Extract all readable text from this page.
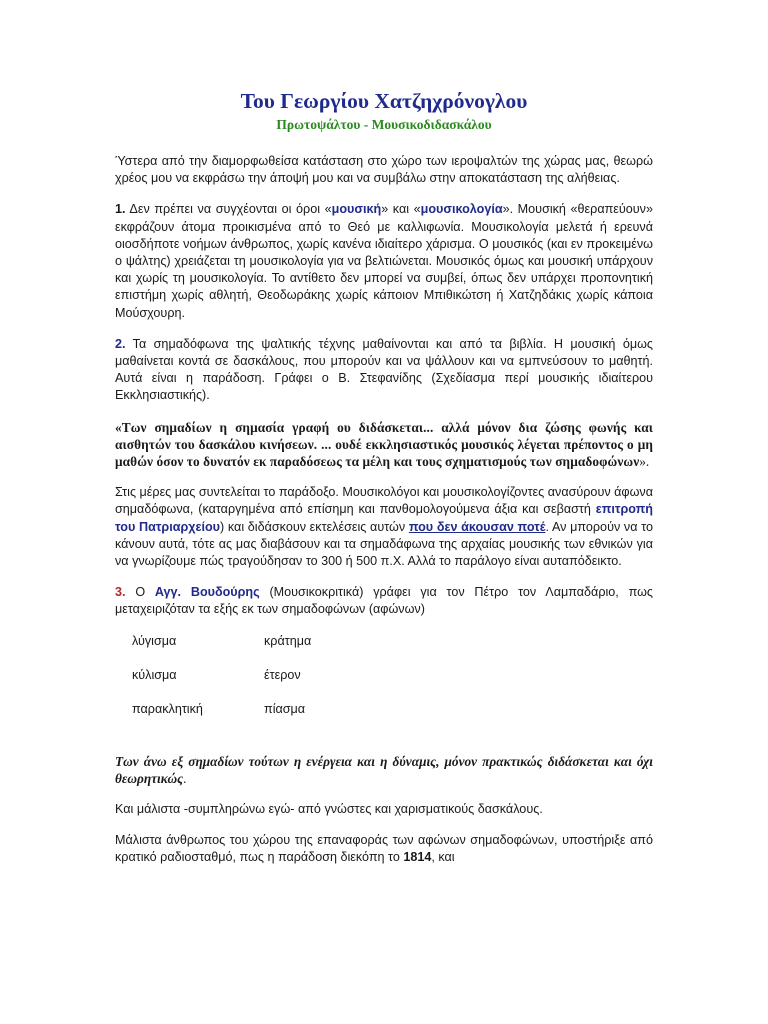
Του Γεωργίου Χατζηχρόνογλου
Πρωτοψάλτου - Μουσικοδιδασκάλου

Ύστερα από την διαμορφωθείσα κατάσταση στο χώρο των ιεροψαλτών της χώρας μας, θεωρώ χρέος μου να εκφράσω την άποψή μου και να συμβάλω στην αποκατάσταση της αλήθειας.

1. Δεν πρέπει να συγχέονται οι όροι «μουσική» και «μουσικολογία». Μουσική «θεραπεύουν» εκφράζουν άτομα προικισμένα από το Θεό με καλλιφωνία. Μουσικολογία μελετά ή ερευνά οιοσδήποτε νοήμων άνθρωπος, χωρίς κανένα ιδιαίτερο χάρισμα. Ο μουσικός (και εν προκειμένω ο ψάλτης) χρειάζεται τη μουσικολογία για να βελτιώνεται. Μουσικός όμως και μουσική υπάρχουν και χωρίς τη μουσικολογία. Το αντίθετο δεν μπορεί να συμβεί, όπως δεν υπάρχει προπονητική επιστήμη χωρίς αθλητή, Θεοδωράκης χωρίς κάποιον Μπιθικώτση ή Χατζηδάκις χωρίς κάποια Μούσχουρη.

2. Τα σημαδόφωνα της ψαλτικής τέχνης μαθαίνονται και από τα βιβλία. Η μουσική όμως μαθαίνεται κοντά σε δασκάλους, που μπορούν και να ψάλλουν και να εμπνεύσουν το μαθητή. Αυτά είναι η παράδοση. Γράφει ο Β. Στεφανίδης (Σχεδίασμα περί μουσικής ιδιαίτερου Εκκλησιαστικής).

«Των σημαδίων η σημασία γραφή ου διδάσκεται... αλλά μόνον δια ζώσης φωνής και αισθητών του δασκάλου κινήσεων. ... ουδέ εκκλησιαστικός μουσικός λέγεται πρέποντος ο μη μαθών όσον το δυνατόν εκ παραδόσεως τα μέλη και τους σχηματισμούς των σημαδοφώνων».

Στις μέρες μας συντελείται το παράδοξο. Μουσικολόγοι και μουσικολογίζοντες ανασύρουν άφωνα σημαδόφωνα, (καταργημένα από επίσημη και πανθομολογούμενα άξια και σεβαστή επιτροπή του Πατριαρχείου) και διδάσκουν εκτελέσεις αυτών που δεν άκουσαν ποτέ. Αν μπορούν να το κάνουν αυτά, τότε ας μας διαβάσουν και τα σημαδάφωνα της αρχαίας μουσικής των εθνικών για να γνωρίζουμε πώς τραγούδησαν το 300 ή 500 π.Χ. Αλλά το παράλογο είναι αυταπόδεικτο.

3. Ο Αγγ. Βουδούρης (Μουσικοκριτικά) γράφει για τον Πέτρο τον Λαμπαδάριο, πως μεταχειριζόταν τα εξής εκ των σημαδοφώνων (αφώνων)

λύγισμα	κράτημα
κύλισμα	έτερον
παρακλητική	πίασμα

Των άνω εξ σημαδίων τούτων η ενέργεια και η δύναμις, μόνον πρακτικώς διδάσκεται και όχι θεωρητικώς.

Και μάλιστα -συμπληρώνω εγώ- από γνώστες και χαρισματικούς δασκάλους.

Μάλιστα άνθρωπος του χώρου της επαναφοράς των αφώνων σημαδοφώνων, υποστήριξε από κρατικό ραδιοσταθμό, πως η παράδοση διεκόπη το 1814, και
